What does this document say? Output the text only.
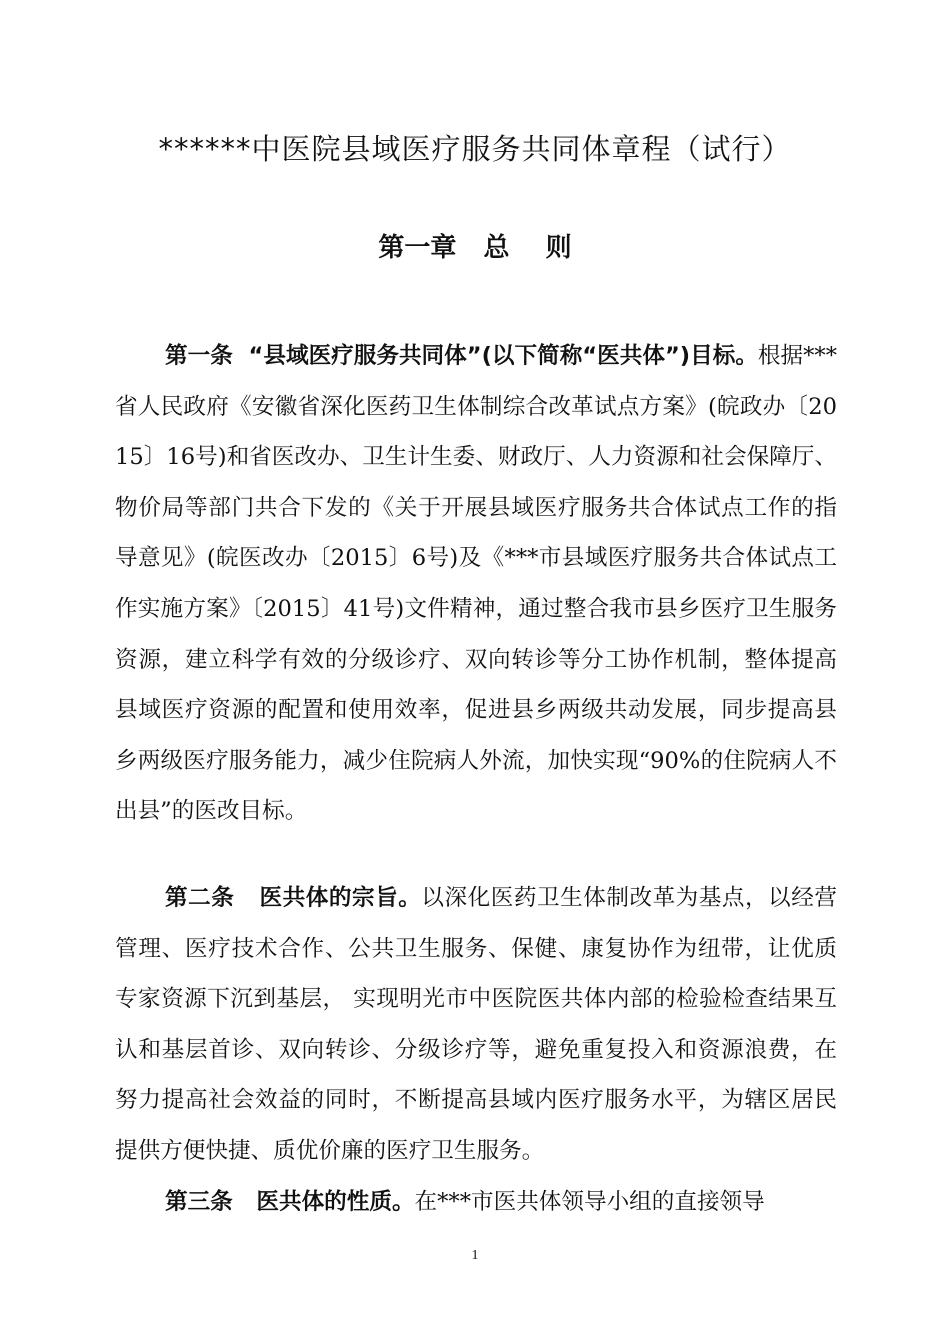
******中医院县域医疗服务共同体章程（试行）
第一章   总    则

第一条  “县域医疗服务共同体”(以下简称“医共体”)目标。根据***省人民政府《安徽省深化医药卫生体制综合改革试点方案》(皖政办〔2015〕16号)和省医改办、卫生计生委、财政厅、人力资源和社会保障厅、物价局等部门共合下发的《关于开展县域医疗服务共合体试点工作的指导意见》(皖医改办〔2015〕6号)及《***市县域医疗服务共合体试点工作实施方案》〔2015〕41号)文件精神，通过整合我市县乡医疗卫生服务资源，建立科学有效的分级诊疗、双向转诊等分工协作机制，整体提高县域医疗资源的配置和使用效率，促进县乡两级共动发展，同步提高县乡两级医疗服务能力，减少住院病人外流，加快实现“90%的住院病人不出县”的医改目标。

第二条   医共体的宗旨。以深化医药卫生体制改革为基点，以经营管理、医疗技术合作、公共卫生服务、保健、康复协作为纽带，让优质专家资源下沉到基层， 实现明光市中医院医共体内部的检验检查结果互认和基层首诊、双向转诊、分级诊疗等，避免重复投入和资源浪费，在努力提高社会效益的同时，不断提高县域内医疗服务水平，为辖区居民提供方便快捷、质优价廉的医疗卫生服务。

第三条   医共体的性质。在***市医共体领导小组的直接领导

1
